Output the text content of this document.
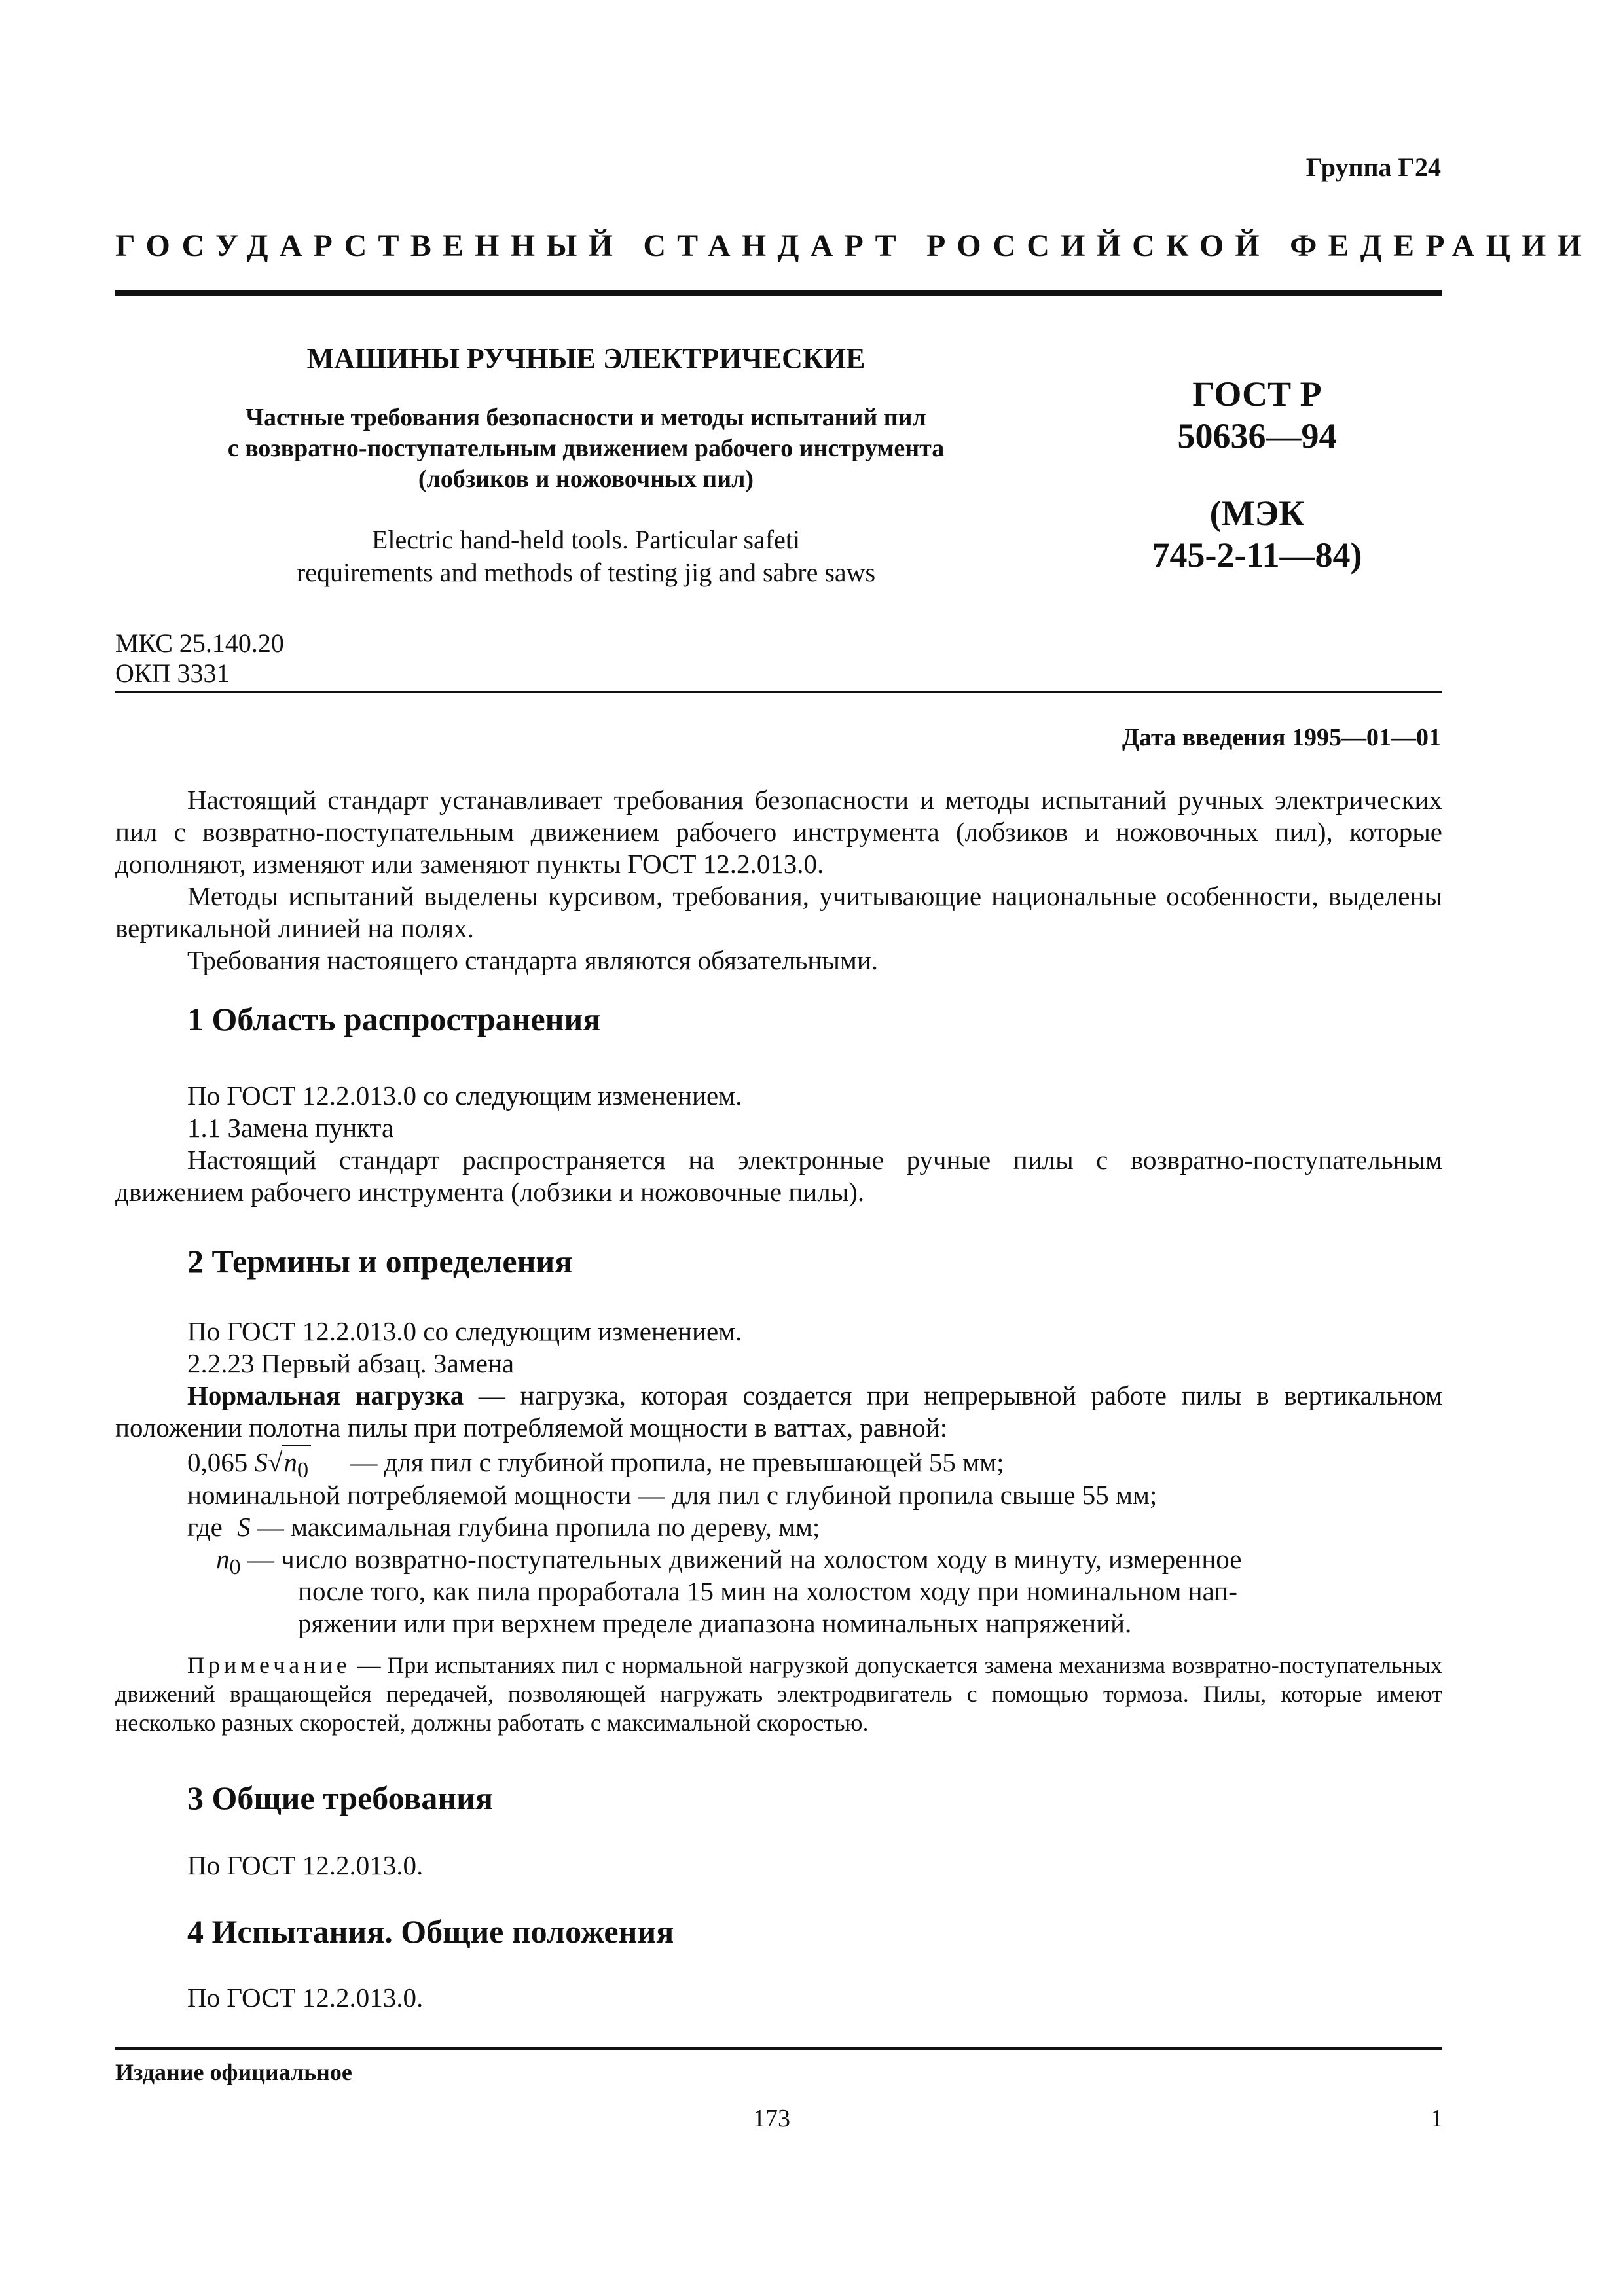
Группа Г24
ГОСУДАРСТВЕННЫЙ СТАНДАРТ РОССИЙСКОЙ ФЕДЕРАЦИИ
МАШИНЫ РУЧНЫЕ ЭЛЕКТРИЧЕСКИЕ
Частные требования безопасности и методы испытаний пил
с возвратно-поступательным движением рабочего инструмента
(лобзиков и ножовочных пил)
Electric hand-held tools. Particular safeti
requirements and methods of testing jig and sabre saws
ГОСТ Р
50636—94
(МЭК
745-2-11—84)
МКС 25.140.20
ОКП 3331
Дата введения 1995—01—01
Настоящий стандарт устанавливает требования безопасности и методы испытаний ручных электрических пил с возвратно-поступательным движением рабочего инструмента (лобзиков и ножовочных пил), которые дополняют, изменяют или заменяют пункты ГОСТ 12.2.013.0.
Методы испытаний выделены курсивом, требования, учитывающие национальные особенности, выделены вертикальной линией на полях.
Требования настоящего стандарта являются обязательными.
1 Область распространения
По ГОСТ 12.2.013.0 со следующим изменением.
1.1 Замена пункта
Настоящий стандарт распространяется на электронные ручные пилы с возвратно-поступательным движением рабочего инструмента (лобзики и ножовочные пилы).
2 Термины и определения
По ГОСТ 12.2.013.0 со следующим изменением.
2.2.23 Первый абзац. Замена
Нормальная нагрузка — нагрузка, которая создается при непрерывной работе пилы в вертикальном положении полотна пилы при потребляемой мощности в ваттах, равной:
0,065 $S√n_0$ — для пил с глубиной пропила, не превышающей 55 мм;
номинальной потребляемой мощности — для пил с глубиной пропила свыше 55 мм;
где S — максимальная глубина пропила по дереву, мм;
$n_0$ — число возвратно-поступательных движений на холостом ходу в минуту, измеренное
после того, как пила проработала 15 мин на холостом ходу при номинальном нап-
ряжении или при верхнем пределе диапазона номинальных напряжений.
Примечание — При испытаниях пил с нормальной нагрузкой допускается замена механизма возвратно-поступательных движений вращающейся передачей, позволяющей нагружать электродвигатель с помощью тормоза. Пилы, которые имеют несколько разных скоростей, должны работать с максимальной скоростью.
3 Общие требования
По ГОСТ 12.2.013.0.
4 Испытания. Общие положения
По ГОСТ 12.2.013.0.
Издание официальное
173	1
